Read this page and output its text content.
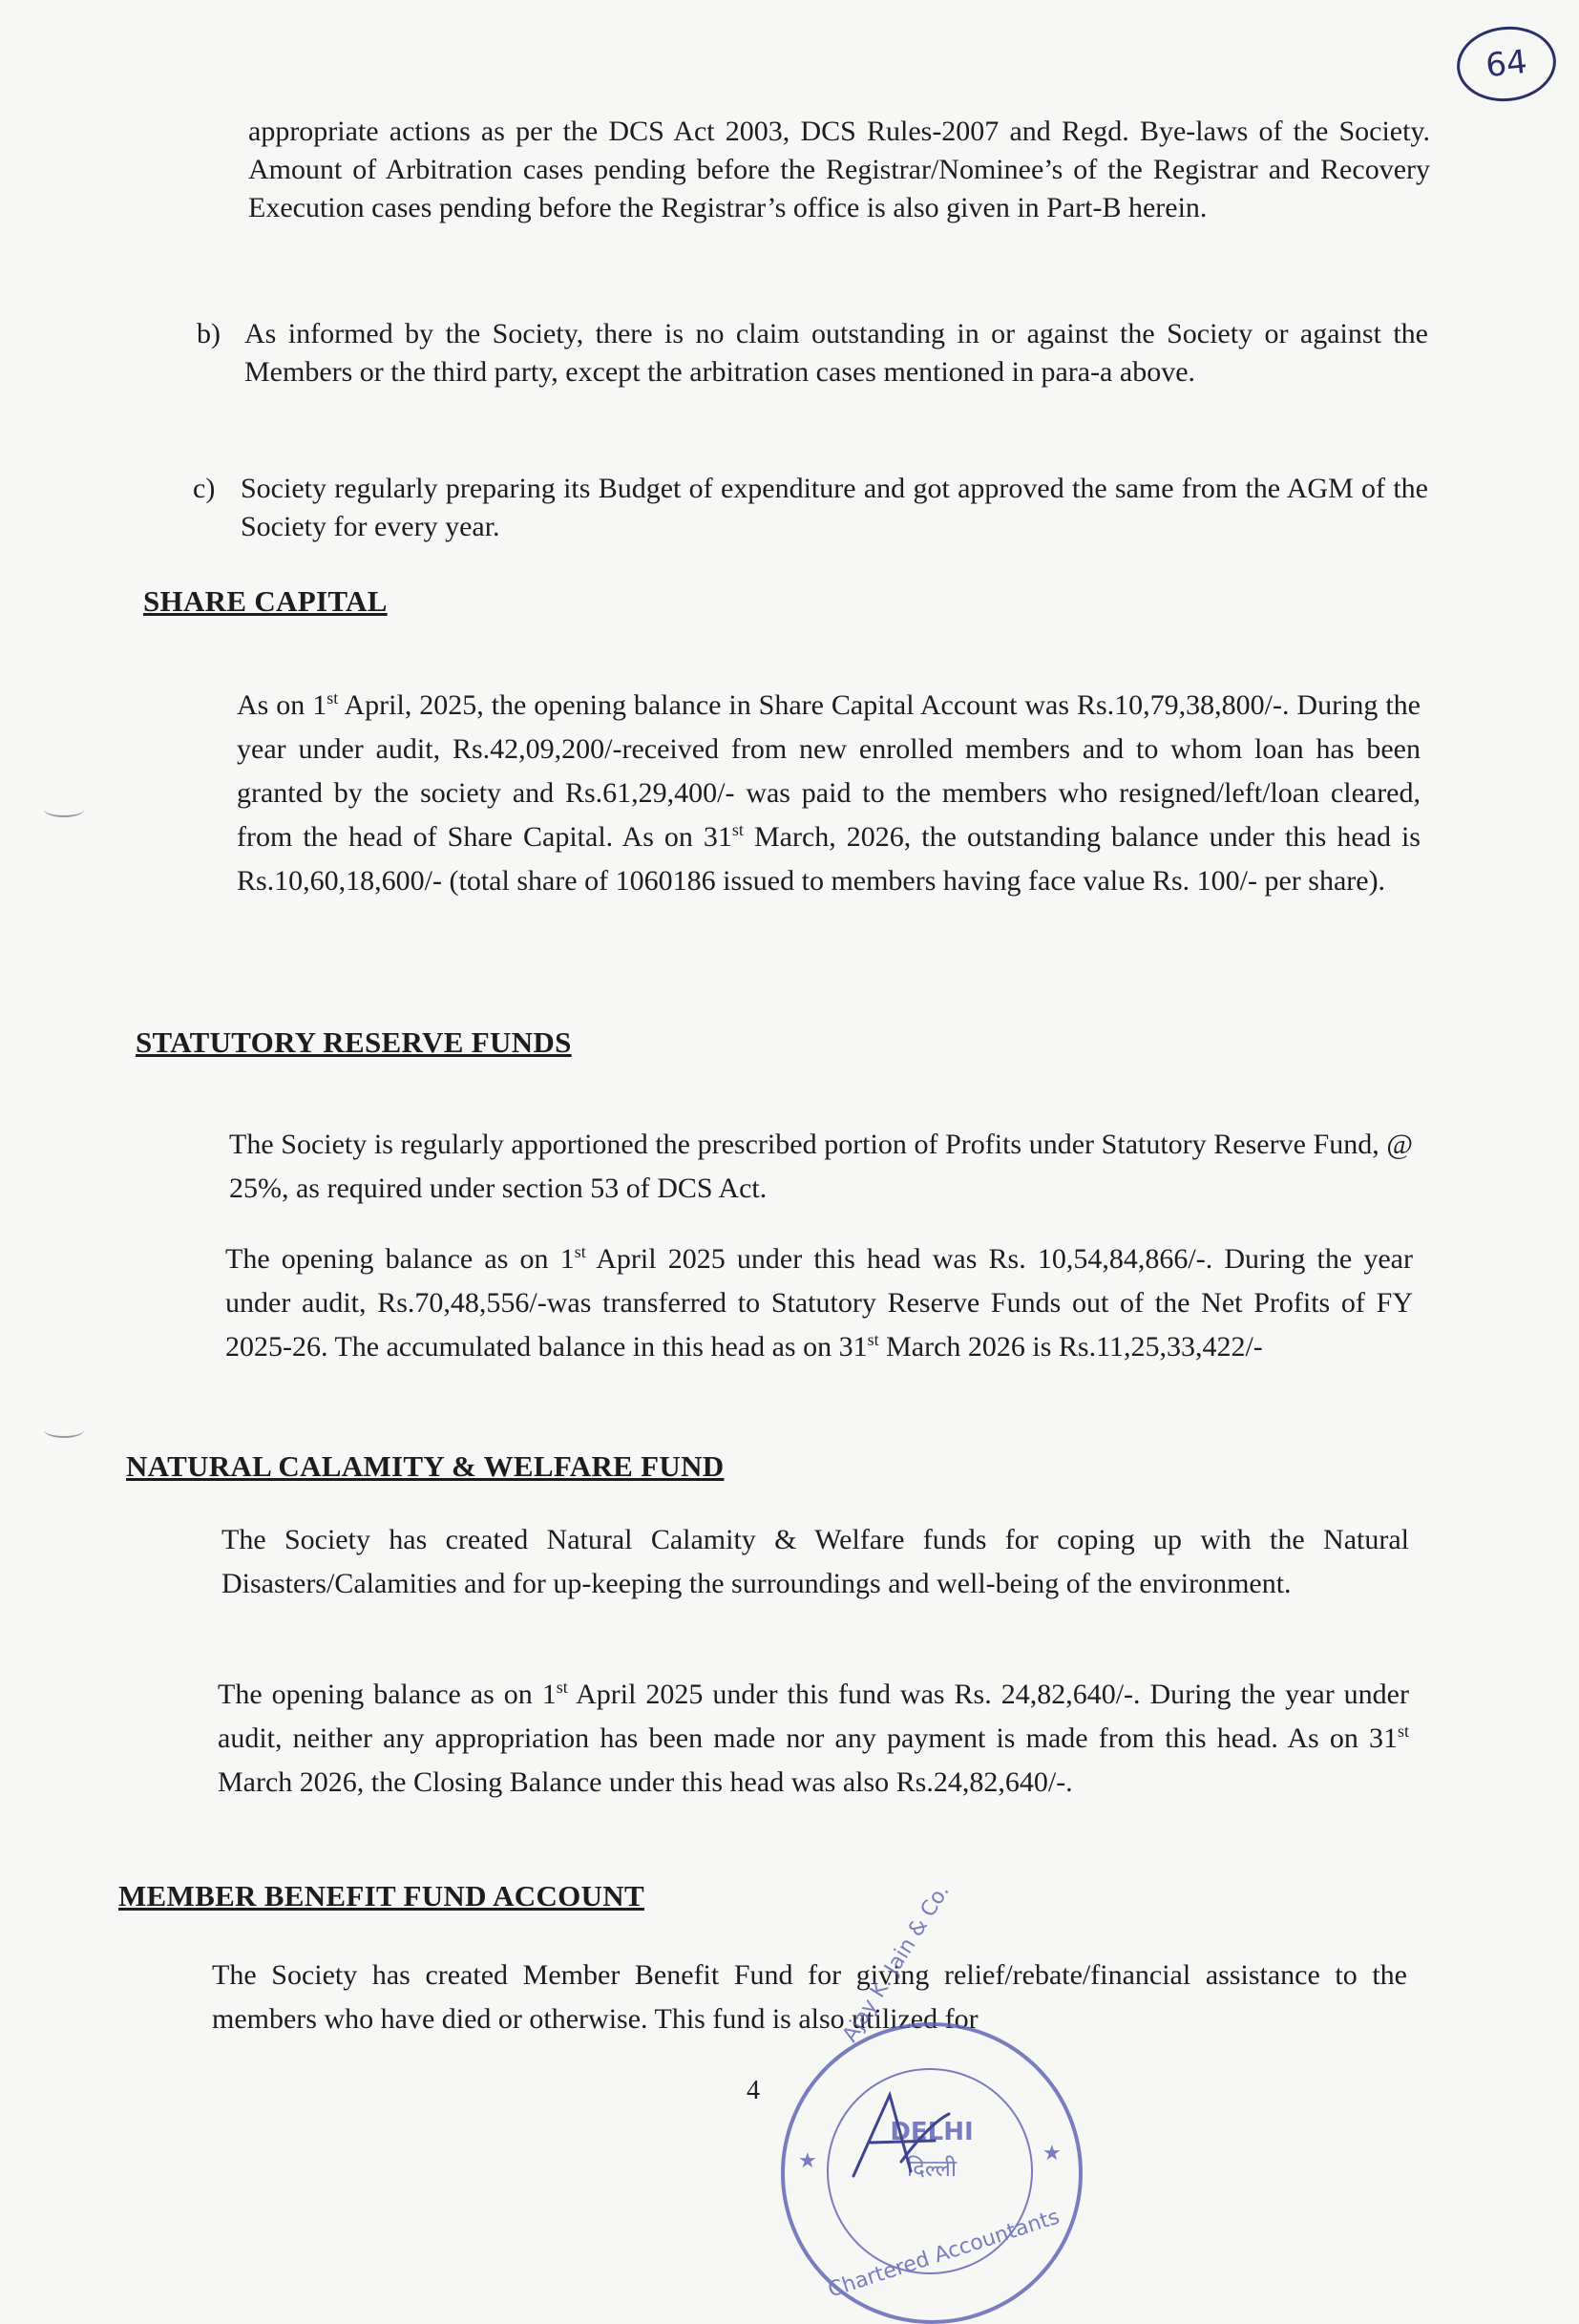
64

appropriate actions as per the DCS Act 2003, DCS Rules-2007 and Regd. Bye-laws of the Society. Amount of Arbitration cases pending before the Registrar/Nominee’s of the Registrar and Recovery Execution cases pending before the Registrar’s office is also given in Part-B herein.

b) As informed by the Society, there is no claim outstanding in or against the Society or against the Members or the third party, except the arbitration cases mentioned in para-a above.
c) Society regularly preparing its Budget of expenditure and got approved the same from the AGM of the Society for every year.
SHARE CAPITAL

As on 1st April, 2025, the opening balance in Share Capital Account was Rs.10,79,38,800/-. During the year under audit, Rs.42,09,200/-received from new enrolled members and to whom loan has been granted by the society and Rs.61,29,400/- was paid to the members who resigned/left/loan cleared, from the head of Share Capital. As on 31st March, 2026, the outstanding balance under this head is Rs.10,60,18,600/- (total share of 1060186 issued to members having face value Rs. 100/- per share).

STATUTORY RESERVE FUNDS

The Society is regularly apportioned the prescribed portion of Profits under Statutory Reserve Fund, @ 25%, as required under section 53 of DCS Act.

The opening balance as on 1st April 2025 under this head was Rs. 10,54,84,866/-. During the year under audit, Rs.70,48,556/-was transferred to Statutory Reserve Funds out of the Net Profits of FY 2025-26. The accumulated balance in this head as on 31st March 2026 is Rs.11,25,33,422/-

NATURAL CALAMITY & WELFARE FUND

The Society has created Natural Calamity & Welfare funds for coping up with the Natural Disasters/Calamities and for up-keeping the surroundings and well-being of the environment.

The opening balance as on 1st April 2025 under this fund was Rs. 24,82,640/-. During the year under audit, neither any appropriation has been made nor any payment is made from this head. As on 31st March 2026, the Closing Balance under this head was also Rs.24,82,640/-.

MEMBER BENEFIT FUND ACCOUNT

The Society has created Member Benefit Fund for giving relief/rebate/financial assistance to the members who have died or otherwise. This fund is also utilized for

4
Ajay K. Jain & Co.
★	★
DELHI
दिल्ली
Chartered Accountants
